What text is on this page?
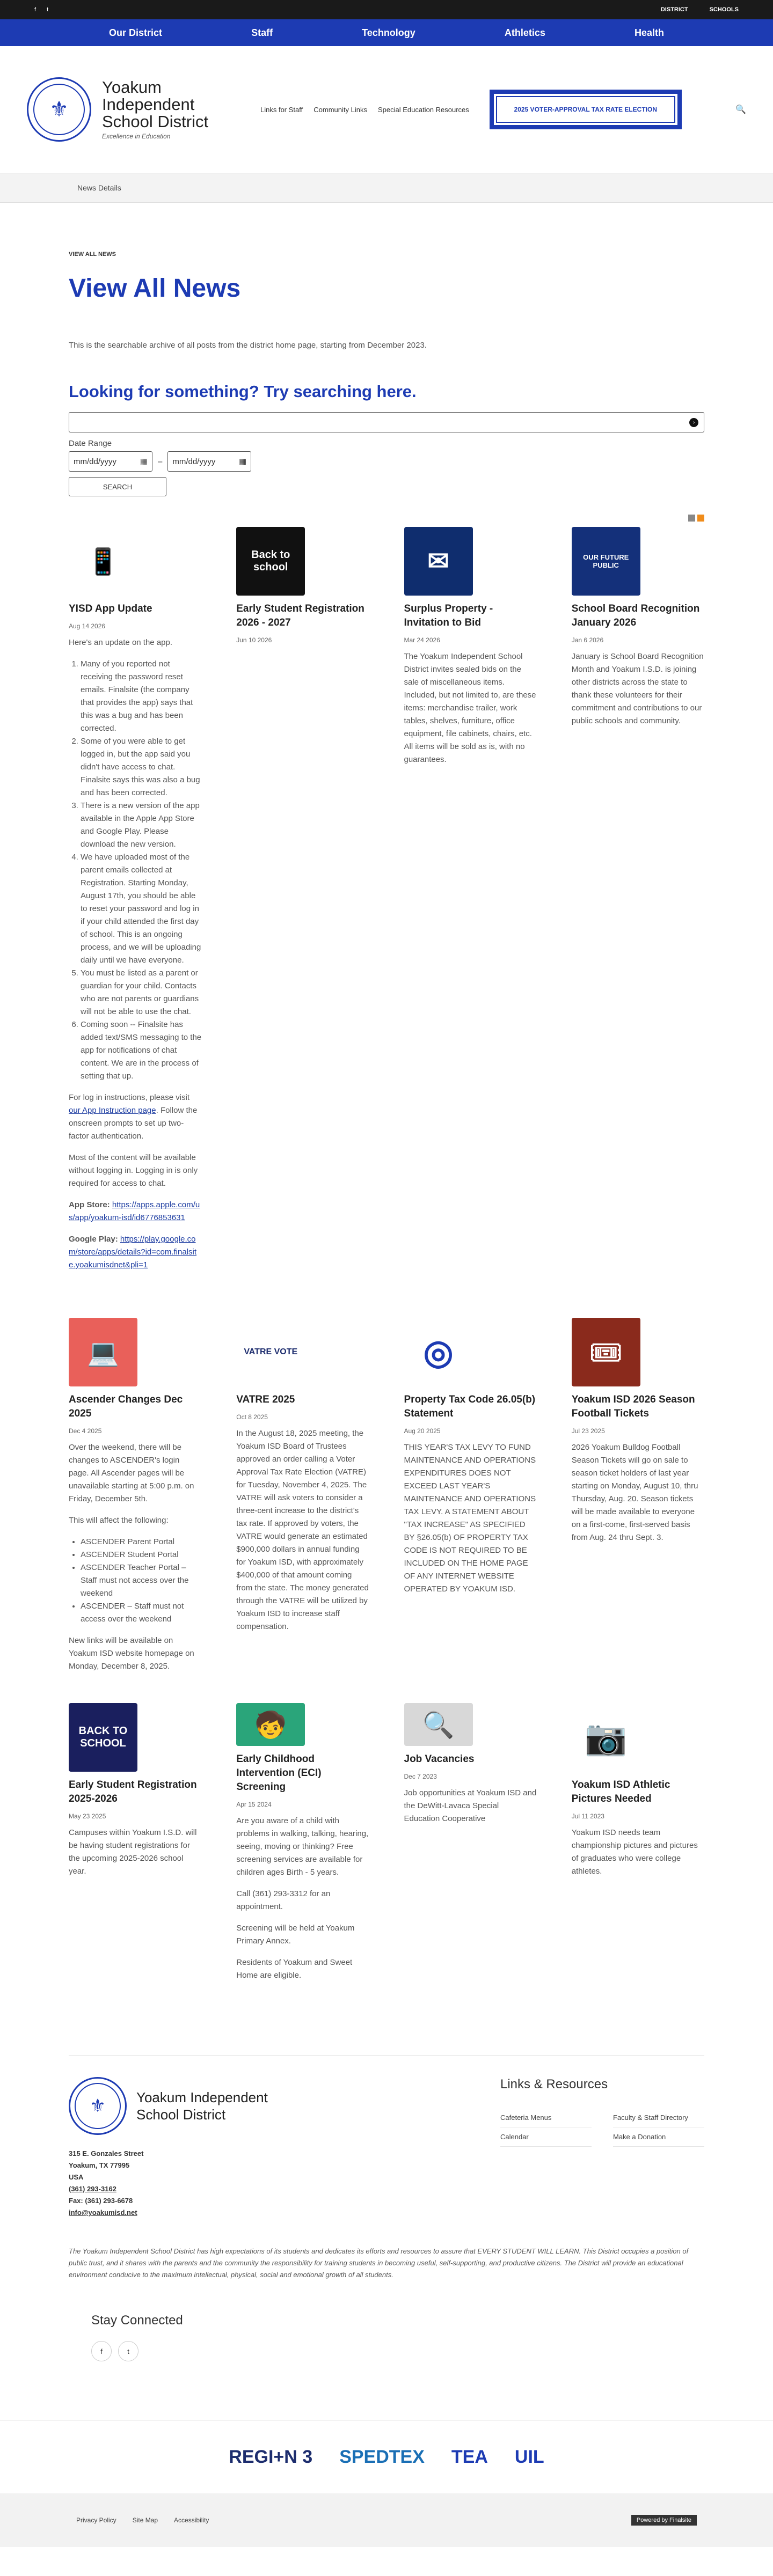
f t	DISTRICT	SCHOOLS
Our District	Staff	Technology	Athletics	Health
⚜
Yoakum Independent School District
Excellence in Education
Links for Staff Community Links Special Education Resources	2025 VOTER-APPROVAL TAX RATE ELECTION	🔍
News Details
VIEW ALL NEWS
View All News
This is the searchable archive of all posts from the district home page, starting from December 2023.
Looking for something? Try searching here.
›
Date Range
mm/dd/yyyy	▦ – mm/dd/yyyy	▦
SEARCH
📱
YISD App Update
Aug 14 2026

Here's an update on the app.

1. Many of you reported not receiving the password reset emails. Finalsite (the company that provides the app) says that this was a bug and has been corrected.
2. Some of you were able to get logged in, but the app said you didn't have access to chat. Finalsite says this was also a bug and has been corrected.
3. There is a new version of the app available in the Apple App Store and Google Play. Please download the new version.
4. We have uploaded most of the parent emails collected at Registration. Starting Monday, August 17th, you should be able to reset your password and log in if your child attended the first day of school. This is an ongoing process, and we will be uploading daily until we have everyone.
5. You must be listed as a parent or guardian for your child. Contacts who are not parents or guardians will not be able to use the chat.
6. Coming soon -- Finalsite has added text/SMS messaging to the app for notifications of chat content. We are in the process of setting that up.

For log in instructions, please visit our App Instruction page. Follow the onscreen prompts to set up two-factor authentication.

Most of the content will be available without logging in. Logging in is only required for access to chat.

App Store: https://apps.apple.com/us/app/yoakum-isd/id6776853631

Google Play: https://play.google.com/store/apps/details?id=com.finalsite.yoakumisdnet&pli=1

Back to school
Early Student Registration 2026 - 2027
Jun 10 2026
✉
Surplus Property - Invitation to Bid
Mar 24 2026
The Yoakum Independent School District invites sealed bids on the sale of miscellaneous items. Included, but not limited to, are these items: merchandise trailer, work tables, shelves, furniture, office equipment, file cabinets, chairs, etc. All items will be sold as is, with no guarantees.
OUR FUTURE PUBLIC
School Board Recognition January 2026
Jan 6 2026
January is School Board Recognition Month and Yoakum I.S.D. is joining other districts across the state to thank these volunteers for their commitment and contributions to our public schools and community.
💻
Ascender Changes Dec 2025
Dec 4 2025

Over the weekend, there will be changes to ASCENDER's login page. All Ascender pages will be unavailable starting at 5:00 p.m. on Friday, December 5th.

This will affect the following:

• ASCENDER Parent Portal
• ASCENDER Student Portal
• ASCENDER Teacher Portal – Staff must not access over the weekend
• ASCENDER – Staff must not access over the weekend

New links will be available on Yoakum ISD website homepage on Monday, December 8, 2025.

VATRE VOTE
VATRE 2025
Oct 8 2025
In the August 18, 2025 meeting, the Yoakum ISD Board of Trustees approved an order calling a Voter Approval Tax Rate Election (VATRE) for Tuesday, November 4, 2025. The VATRE will ask voters to consider a three-cent increase to the district's tax rate. If approved by voters, the VATRE would generate an estimated $900,000 dollars in annual funding for Yoakum ISD, with approximately $400,000 of that amount coming from the state. The money generated through the VATRE will be utilized by Yoakum ISD to increase staff compensation.
◎
Property Tax Code 26.05(b) Statement
Aug 20 2025
THIS YEAR'S TAX LEVY TO FUND MAINTENANCE AND OPERATIONS EXPENDITURES DOES NOT EXCEED LAST YEAR'S MAINTENANCE AND OPERATIONS TAX LEVY. A STATEMENT ABOUT "TAX INCREASE" AS SPECIFIED BY §26.05(b) OF PROPERTY TAX CODE IS NOT REQUIRED TO BE INCLUDED ON THE HOME PAGE OF ANY INTERNET WEBSITE OPERATED BY YOAKUM ISD.
🎟
Yoakum ISD 2026 Season Football Tickets
Jul 23 2025
2026 Yoakum Bulldog Football Season Tickets will go on sale to season ticket holders of last year starting on Monday, August 10, thru Thursday, Aug. 20. Season tickets will be made available to everyone on a first-come, first-served basis from Aug. 24 thru Sept. 3.
BACK TO SCHOOL
Early Student Registration 2025-2026
May 23 2025
Campuses within Yoakum I.S.D. will be having student registrations for the upcoming 2025-2026 school year.
🧒
Early Childhood Intervention (ECI) Screening
Apr 15 2024

Are you aware of a child with problems in walking, talking, hearing, seeing, moving or thinking? Free screening services are available for children ages Birth - 5 years.

Call (361) 293-3312 for an appointment.

Screening will be held at Yoakum Primary Annex.

Residents of Yoakum and Sweet Home are eligible.

🔍
Job Vacancies
Dec 7 2023
Job opportunities at Yoakum ISD and the DeWitt-Lavaca Special Education Cooperative
📷
Yoakum ISD Athletic Pictures Needed
Jul 11 2023
Yoakum ISD needs team championship pictures and pictures of graduates who were college athletes.
⚜	Yoakum Independent School District
315 E. Gonzales Street
Yoakum, TX 77995
USA
(361) 293-3162
Fax: (361) 293-6678
info@yoakumisd.net
Links & Resources
Cafeteria Menus	Faculty & Staff Directory
Calendar	Make a Donation
The Yoakum Independent School District has high expectations of its students and dedicates its efforts and resources to assure that EVERY STUDENT WILL LEARN. This District occupies a position of public trust, and it shares with the parents and the community the responsibility for training students in becoming useful, self-supporting, and productive citizens. The District will provide an educational environment conducive to the maximum intellectual, physical, social and emotional growth of all students.
Stay Connected
f	t
REGI+N 3 SPEDTEX TEA UIL
Privacy Policy	Site Map	Accessibility	Powered by Finalsite
